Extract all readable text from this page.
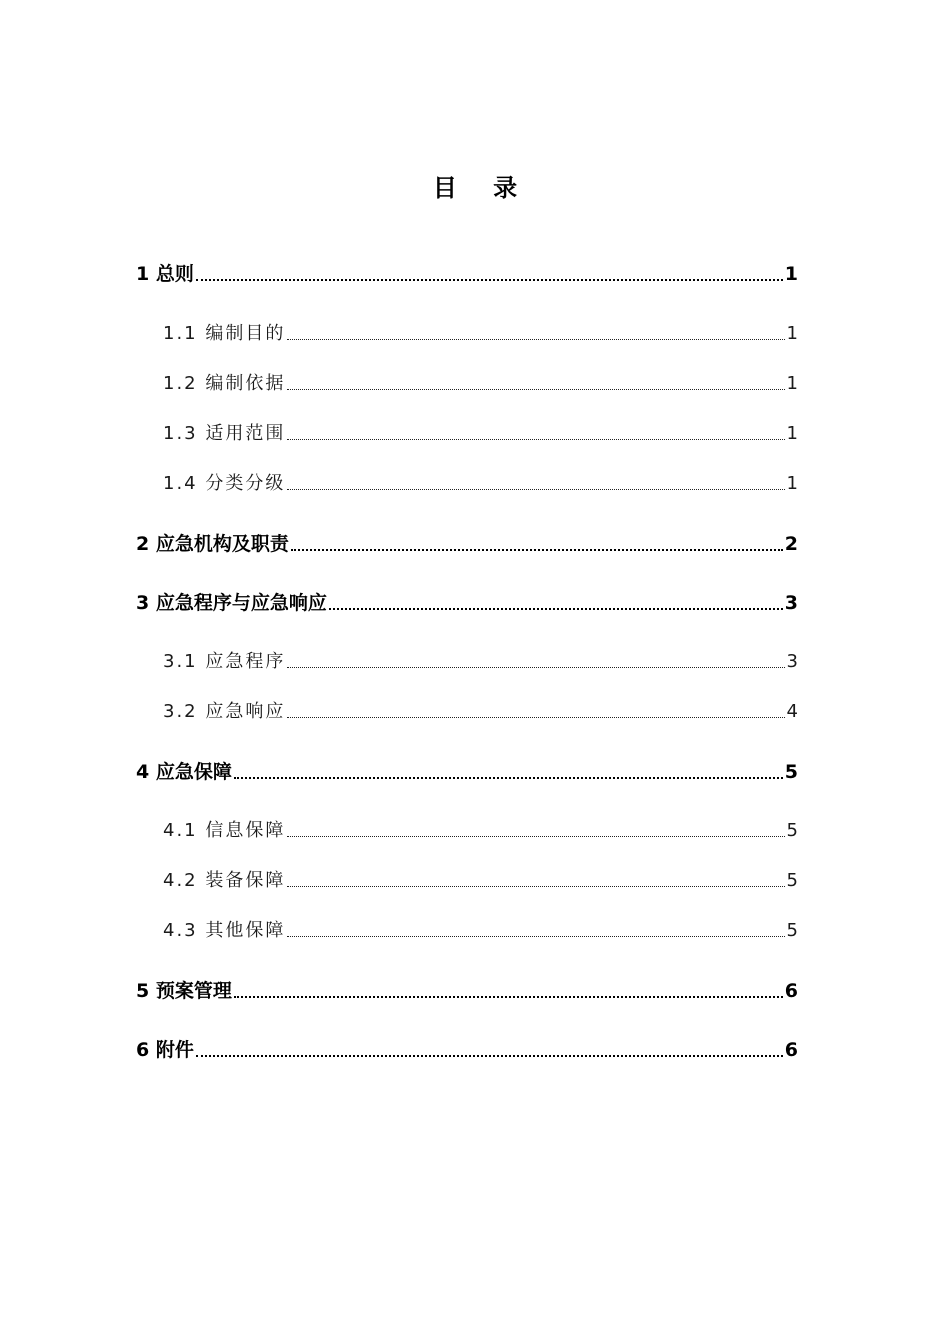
目 录
1 总则	1
1.1 编制目的	1
1.2 编制依据	1
1.3 适用范围	1
1.4 分类分级	1
2 应急机构及职责	2
3 应急程序与应急响应	3
3.1 应急程序	3
3.2 应急响应	4
4 应急保障	5
4.1 信息保障	5
4.2 装备保障	5
4.3 其他保障	5
5 预案管理	6
6 附件	6
